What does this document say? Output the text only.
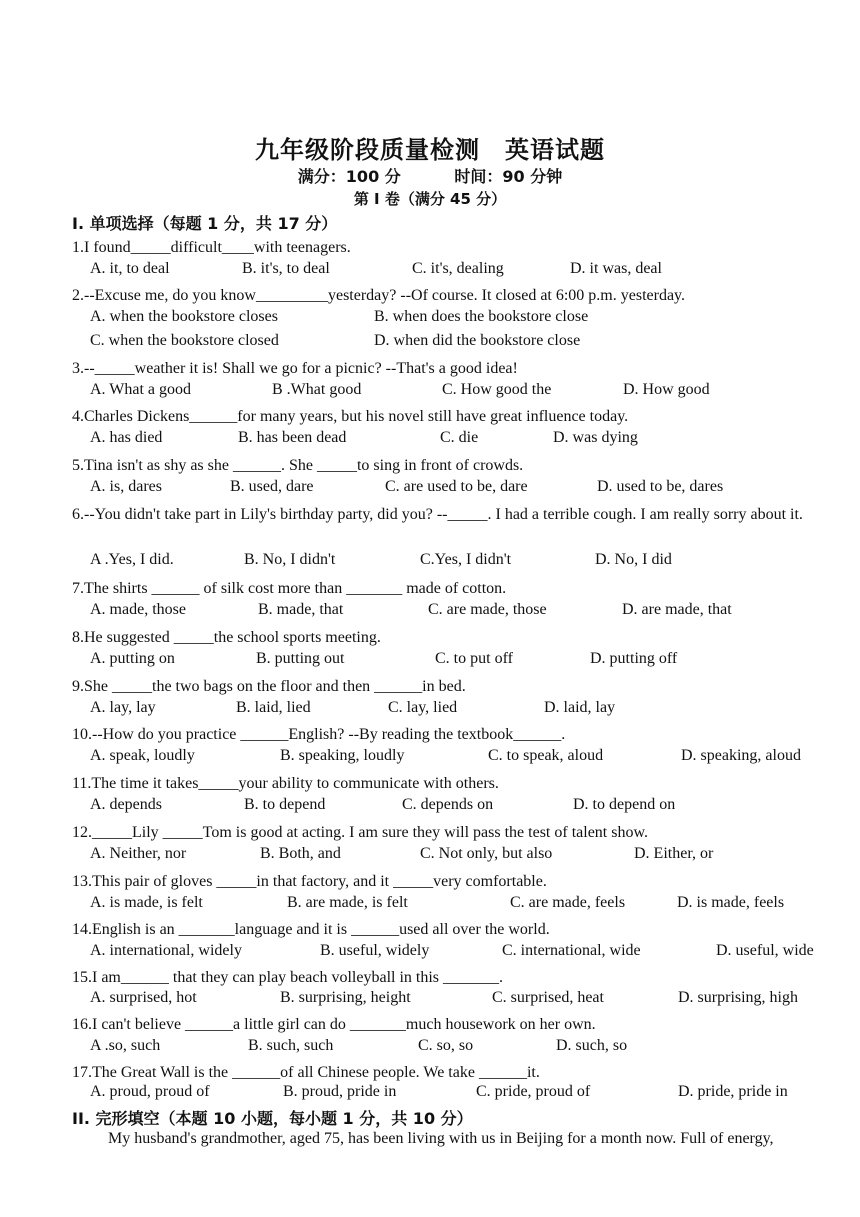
九年级阶段质量检测　英语试题
满分：100 分	时间：90 分钟
第 I 卷（满分 45 分）
I. 单项选择（每题 1 分，共 17 分）
1.I found_____difficult____with teenagers.
A. it, to deal	B. it's, to deal	C. it's, dealing	D. it was, deal
2.--Excuse me, do you know_________yesterday? --Of course. It closed at 6:00 p.m. yesterday.
A. when the bookstore closes	B. when does the bookstore close
C. when the bookstore closed	D. when did the bookstore close
3.--_____weather it is! Shall we go for a picnic? --That's a good idea!
A. What a good	B .What good	C. How good the	D. How good
4.Charles Dickens______for many years, but his novel still have great influence today.
A. has died	B. has been dead	C. die	D. was dying
5.Tina isn't as shy as she ______. She _____to sing in front of crowds.
A. is, dares	B. used, dare	C. are used to be, dare	D. used to be, dares
6.--You didn't take part in Lily's birthday party, did you? --_____. I had a terrible cough. I am really sorry about it.
A .Yes, I did.	B. No, I didn't	C.Yes, I didn't	D. No, I did
7.The shirts ______ of silk cost more than _______ made of cotton.
A. made, those	B. made, that	C. are made, those	D. are made, that
8.He suggested _____the school sports meeting.
A. putting on	B. putting out	C. to put off	D. putting off
9.She _____the two bags on the floor and then ______in bed.
A. lay, lay	B. laid, lied	C. lay, lied	D. laid, lay
10.--How do you practice ______English? --By reading the textbook______.
A. speak, loudly	B. speaking, loudly	C. to speak, aloud	D. speaking, aloud
11.The time it takes_____your ability to communicate with others.
A. depends	B. to depend	C. depends on	D. to depend on
12._____Lily _____Tom is good at acting. I am sure they will pass the test of talent show.
A. Neither, nor	B. Both, and	C. Not only, but also	D. Either, or
13.This pair of gloves _____in that factory, and it _____very comfortable.
A. is made, is felt	B. are made, is felt	C. are made, feels	D. is made, feels
14.English is an _______language and it is ______used all over the world.
A. international, widely	B. useful, widely	C. international, wide	D. useful, wide
15.I am______ that they can play beach volleyball in this _______.
A. surprised, hot	B. surprising, height	C. surprised, heat	D. surprising, high
16.I can't believe ______a little girl can do _______much housework on her own.
A .so, such	B. such, such	C. so, so	D. such, so
17.The Great Wall is the ______of all Chinese people. We take ______it.
A. proud, proud of	B. proud, pride in	C. pride, proud of	D. pride, pride in
II. 完形填空（本题 10 小题，每小题 1 分，共 10 分）
My husband's grandmother, aged 75, has been living with us in Beijing for a month now. Full of energy,
